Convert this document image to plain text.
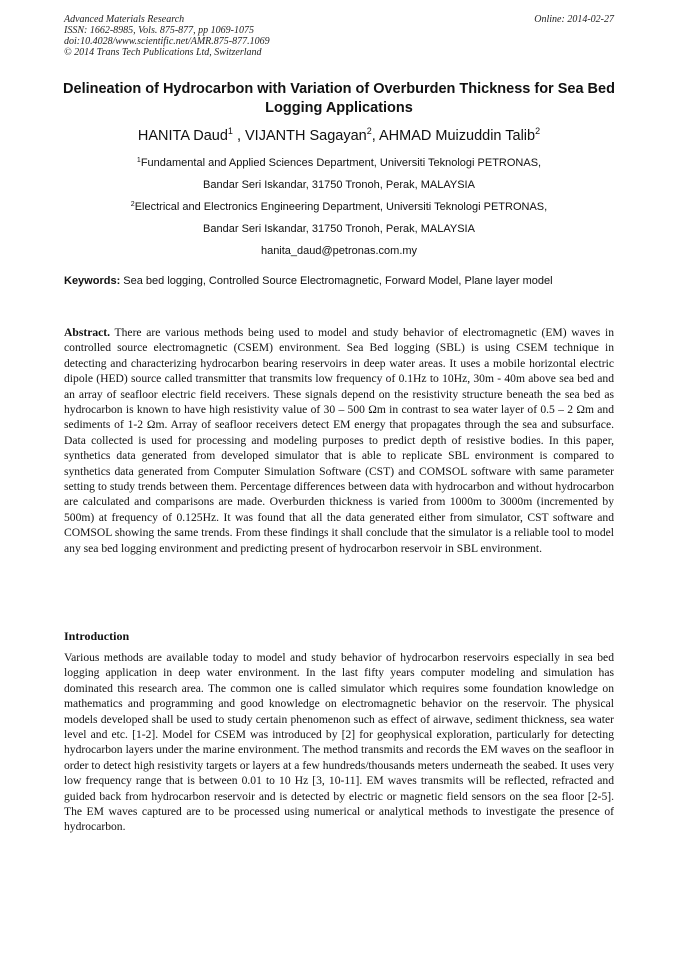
Advanced Materials Research
ISSN: 1662-8985, Vols. 875-877, pp 1069-1075
doi:10.4028/www.scientific.net/AMR.875-877.1069
© 2014 Trans Tech Publications Ltd, Switzerland
Online: 2014-02-27
Delineation of Hydrocarbon with Variation of Overburden Thickness for Sea Bed Logging Applications
HANITA Daud$^1$ , VIJANTH Sagayan$^2$, AHMAD Muizuddin Talib$^2$
$^1$Fundamental and Applied Sciences Department, Universiti Teknologi PETRONAS,
Bandar Seri Iskandar, 31750 Tronoh, Perak, MALAYSIA
$^2$Electrical and Electronics Engineering Department, Universiti Teknologi PETRONAS,
Bandar Seri Iskandar, 31750 Tronoh, Perak, MALAYSIA
hanita_daud@petronas.com.my
Keywords: Sea bed logging, Controlled Source Electromagnetic, Forward Model, Plane layer model
Abstract. There are various methods being used to model and study behavior of electromagnetic (EM) waves in controlled source electromagnetic (CSEM) environment. Sea Bed logging (SBL) is using CSEM technique in detecting and characterizing hydrocarbon bearing reservoirs in deep water areas. It uses a mobile horizontal electric dipole (HED) source called transmitter that transmits low frequency of 0.1Hz to 10Hz, 30m - 40m above sea bed and an array of seafloor electric field receivers. These signals depend on the resistivity structure beneath the sea bed as hydrocarbon is known to have high resistivity value of 30 – 500 Ωm in contrast to sea water layer of 0.5 – 2 Ωm and sediments of 1-2 Ωm. Array of seafloor receivers detect EM energy that propagates through the sea and subsurface. Data collected is used for processing and modeling purposes to predict depth of resistive bodies. In this paper, synthetics data generated from developed simulator that is able to replicate SBL environment is compared to synthetics data generated from Computer Simulation Software (CST) and COMSOL software with same parameter setting to study trends between them. Percentage differences between data with hydrocarbon and without hydrocarbon are calculated and comparisons are made. Overburden thickness is varied from 1000m to 3000m (incremented by 500m) at frequency of 0.125Hz. It was found that all the data generated either from simulator, CST software and COMSOL showing the same trends. From these findings it shall conclude that the simulator is a reliable tool to model any sea bed logging environment and predicting present of hydrocarbon reservoir in SBL environment.
Introduction
Various methods are available today to model and study behavior of hydrocarbon reservoirs especially in sea bed logging application in deep water environment. In the last fifty years computer modeling and simulation has dominated this research area. The common one is called simulator which requires some foundation knowledge on mathematics and programming and good knowledge on electromagnetic behavior on the reservoir. The physical models developed shall be used to study certain phenomenon such as effect of airwave, sediment thickness, sea water level and etc. [1-2]. Model for CSEM was introduced by [2] for geophysical exploration, particularly for detecting hydrocarbon layers under the marine environment. The method transmits and records the EM waves on the seafloor in order to detect high resistivity targets or layers at a few hundreds/thousands meters underneath the seabed. It uses very low frequency range that is between 0.01 to 10 Hz [3, 10-11]. EM waves transmits will be reflected, refracted and guided back from hydrocarbon reservoir and is detected by electric or magnetic field sensors on the sea floor [2-5]. The EM waves captured are to be processed using numerical or analytical methods to investigate the presence of hydrocarbon.
